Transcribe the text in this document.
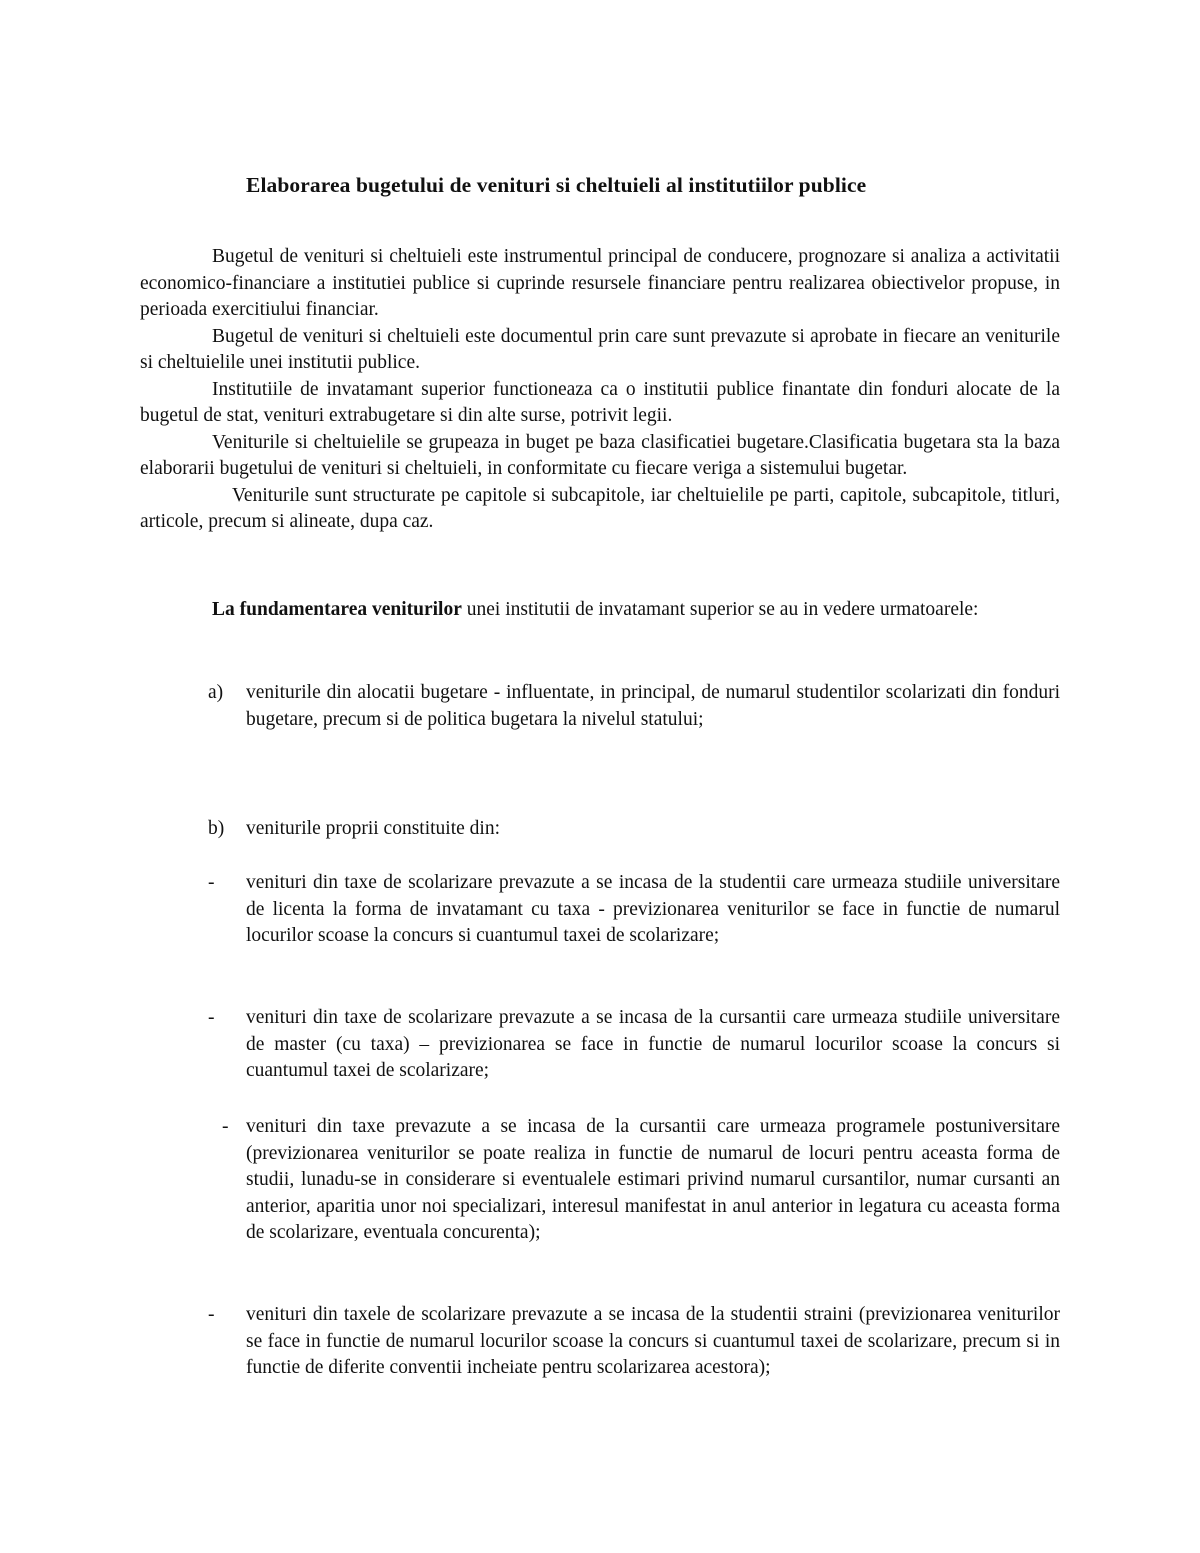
Elaborarea bugetului de venituri si cheltuieli al institutiilor publice

Bugetul de venituri si cheltuieli este instrumentul principal de conducere, prognozare si analiza a activitatii economico-financiare a institutiei publice si cuprinde resursele financiare pentru realizarea obiectivelor propuse, in perioada exercitiului financiar.

Bugetul de venituri si cheltuieli este documentul prin care sunt prevazute si aprobate in fiecare an veniturile si cheltuielile unei institutii publice.

Institutiile de invatamant superior functioneaza ca o institutii publice finantate din fonduri alocate de la bugetul de stat, venituri extrabugetare si din alte surse, potrivit legii.

Veniturile si cheltuielile se grupeaza in buget pe baza clasificatiei bugetare.Clasificatia bugetara sta la baza elaborarii bugetului de venituri si cheltuieli, in conformitate cu fiecare veriga a sistemului bugetar.

Veniturile sunt structurate pe capitole si subcapitole, iar cheltuielile pe parti, capitole, subcapitole, titluri, articole, precum si alineate, dupa caz.

La fundamentarea veniturilor unei institutii de invatamant superior se au in vedere urmatoarele:

a)	veniturile din alocatii bugetare - influentate, in principal, de numarul studentilor scolarizati din fonduri bugetare, precum si de politica bugetara la nivelul statului;
b)	veniturile proprii constituite din:
-	venituri din taxe de scolarizare prevazute a se incasa de la studentii care urmeaza studiile universitare de licenta la forma de invatamant cu taxa - previzionarea veniturilor se face in functie de numarul locurilor scoase la concurs si cuantumul taxei de scolarizare;
-	venituri din taxe de scolarizare prevazute a se incasa de la cursantii care urmeaza studiile universitare de master (cu taxa) – previzionarea se face in functie de numarul locurilor scoase la concurs si cuantumul taxei de scolarizare;
- venituri din taxe prevazute a se incasa de la cursantii care urmeaza programele postuniversitare (previzionarea veniturilor se poate realiza in functie de numarul de locuri pentru aceasta forma de studii, lunadu-se in considerare si eventualele estimari privind numarul cursantilor, numar cursanti an anterior, aparitia unor noi specializari, interesul manifestat in anul anterior in legatura cu aceasta forma de scolarizare, eventuala concurenta);
-	venituri din taxele de scolarizare prevazute a se incasa de la studentii straini (previzionarea veniturilor se face in functie de numarul locurilor scoase la concurs si cuantumul taxei de scolarizare, precum si in functie de diferite conventii incheiate pentru scolarizarea acestora);
